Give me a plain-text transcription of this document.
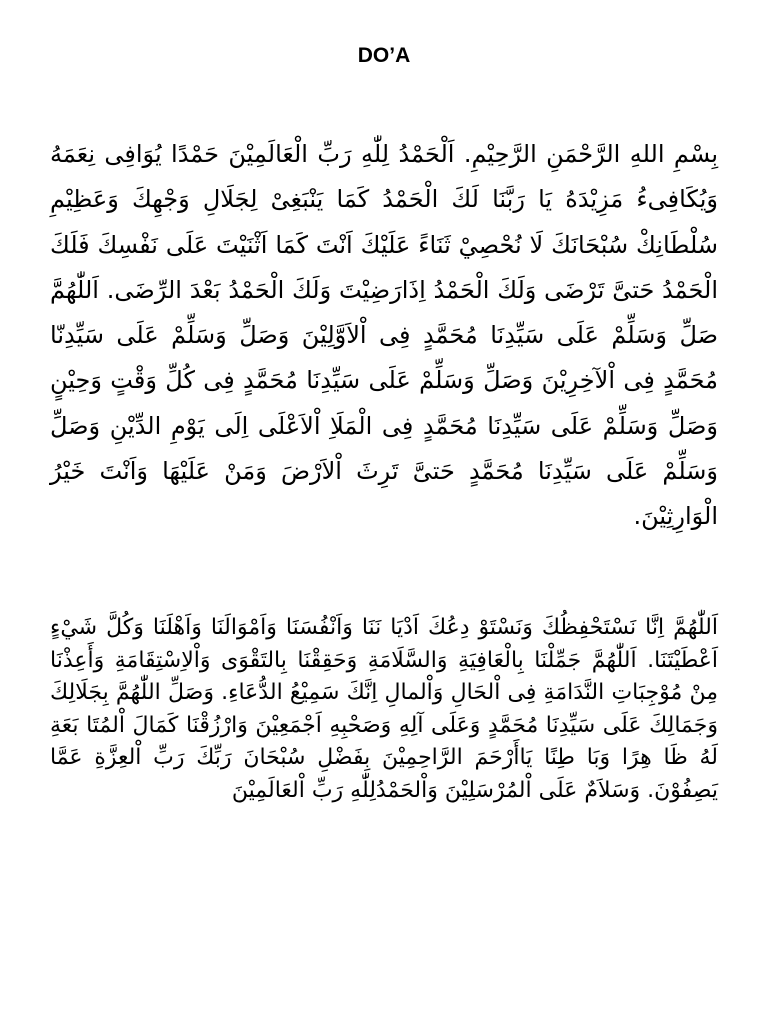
DO’A

بِسْمِ اللهِ الرَّحْمَنِ الرَّحِيْمِ. اَلْحَمْدُ لِلّٰهِ رَبِّ الْعَالَمِيْنَ حَمْدًا يُوَافِى نِعَمَهُ وَيُكَافِىءُ مَزِيْدَهُ يَا رَبَّنَا لَكَ الْحَمْدُ كَمَا يَنْبَغِىْ لِجَلَالِ وَجْهِكَ وَعَظِيْمِ سُلْطَانِكْ سُبْحَانَكَ لَا نُحْصِيْ ثَنَاءً عَلَيْكَ اَنْتَ كَمَا اَثْنَيْتَ عَلَى نَفْسِكَ فَلَكَ الْحَمْدُ حَتىَّ تَرْضَى وَلَكَ الْحَمْدُ اِذَارَضِيْتَ وَلَكَ الْحَمْدُ بَعْدَ الرِّضَى. اَللّٰهُمَّ صَلِّ وَسَلِّمْ عَلَى سَيِّدِنَا مُحَمَّدٍ فِى اْلاَوَّلِيْنَ وَصَلِّ وَسَلِّمْ عَلَى سَيِّدِنّا مُحَمَّدٍ فِى اْلآخِرِيْنَ وَصَلِّ وَسَلِّمْ عَلَى سَيِّدِنَا مُحَمَّدٍ فِى كُلِّ وَقْتٍ وَحِيْنٍ وَصَلِّ وَسَلِّمْ عَلَى سَيِّدِنَا مُحَمَّدٍ فِى الْمَلَاِ اْلاَعْلَى اِلَى يَوْمِ الدِّيْنِ وَصَلِّ وَسَلِّمْ عَلَى سَيِّدِنَا مُحَمَّدٍ حَتىَّ تَرِثَ اْلاَرْضَ وَمَنْ عَلَيْهَا وَاَنْتَ خَيْرُ الْوَارِثِيْنَ.

اَللّٰهُمَّ اِنَّا نَسْتَحْفِظُكَ وَنَسْتَوْ دِعُكَ اَدْيَا نَنَا وَاَنْفُسَنَا وَاَمْوَالَنَا وَاَهْلَنَا وَكُلَّ شَيْءٍ اَعْطَيْتَنَا. اَللّٰهُمَّ جَمِّلْنَا بِالْعَافِيَةِ وَالسَّلَامَةِ وَحَقِقْنَا بِالتَقْوَى وَاْلاِسْتِقَامَةِ وَأَعِذْنَا مِنْ مُوْجِبَاتِ النَّدَامَةِ فِى اْلحَالِ وَاْلمالِ اِنَّكَ سَمِيْعُ الدُّعَاءِ. وَصَلِّ اللّٰهُمَّ بِجَلَالِكَ وَجَمَالِكَ عَلَى سَيِّدِنَا مُحَمَّدٍ وَعَلَى آلِهِ وَصَحْبِهِ اَجْمَعِيْنَ وَارْزُقْنَا كَمَالَ اْلمُتَا بَعَةِ لَهُ ظَا هِرًا وَبَا طِنًا يَاأَرْحَمَ الرَّاحِمِيْنَ بِفَضْلِ سُبْحَانَ رَبِّكَ رَبِّ اْلعِزَّةِ عَمَّا يَصِفُوْنَ. وَسَلاَمٌ عَلَى اْلمُرْسَلِيْنَ وَاْلحَمْدُلِلّٰهِ رَبِّ اْلعَالَمِيْنَ
